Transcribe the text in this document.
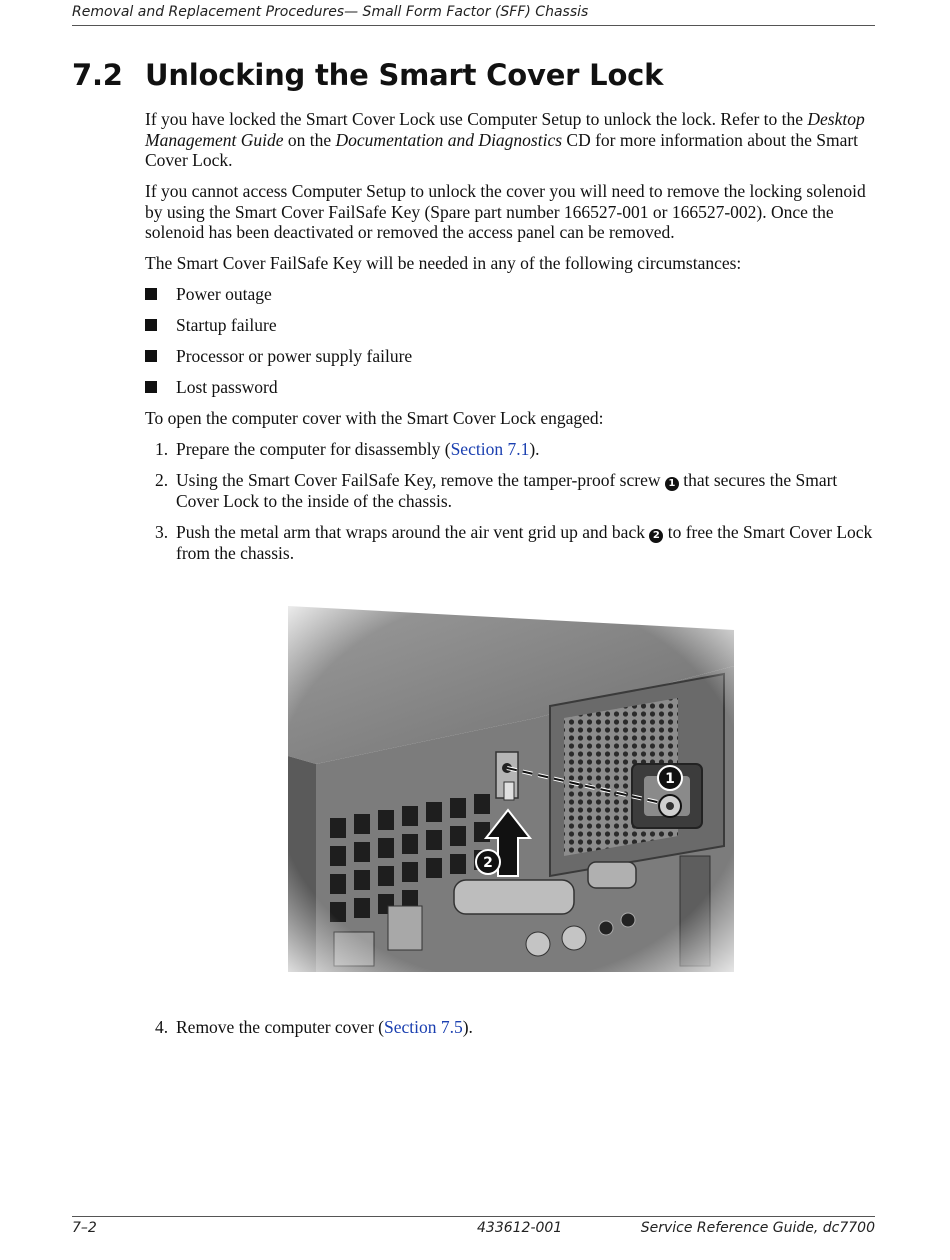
Removal and Replacement Procedures— Small Form Factor (SFF) Chassis
7.2 Unlocking the Smart Cover Lock

If you have locked the Smart Cover Lock use Computer Setup to unlock the lock. Refer to the Desktop Management Guide on the Documentation and Diagnostics CD for more information about the Smart Cover Lock.

If you cannot access Computer Setup to unlock the cover you will need to remove the locking solenoid by using the Smart Cover FailSafe Key (Spare part number 166527-001 or 166527-002). Once the solenoid has been deactivated or removed the access panel can be removed.

The Smart Cover FailSafe Key will be needed in any of the following circumstances:

Power outage
Startup failure
Processor or power supply failure
Lost password

To open the computer cover with the Smart Cover Lock engaged:

1. Prepare the computer for disassembly (Section 7.1).
2. Using the Smart Cover FailSafe Key, remove the tamper-proof screw 1 that secures the Smart Cover Lock to the inside of the chassis.
3. Push the metal arm that wraps around the air vent grid up and back 2 to free the Smart Cover Lock from the chassis.
4. Remove the computer cover (Section 7.5).
7–2	433612-001	Service Reference Guide, dc7700
